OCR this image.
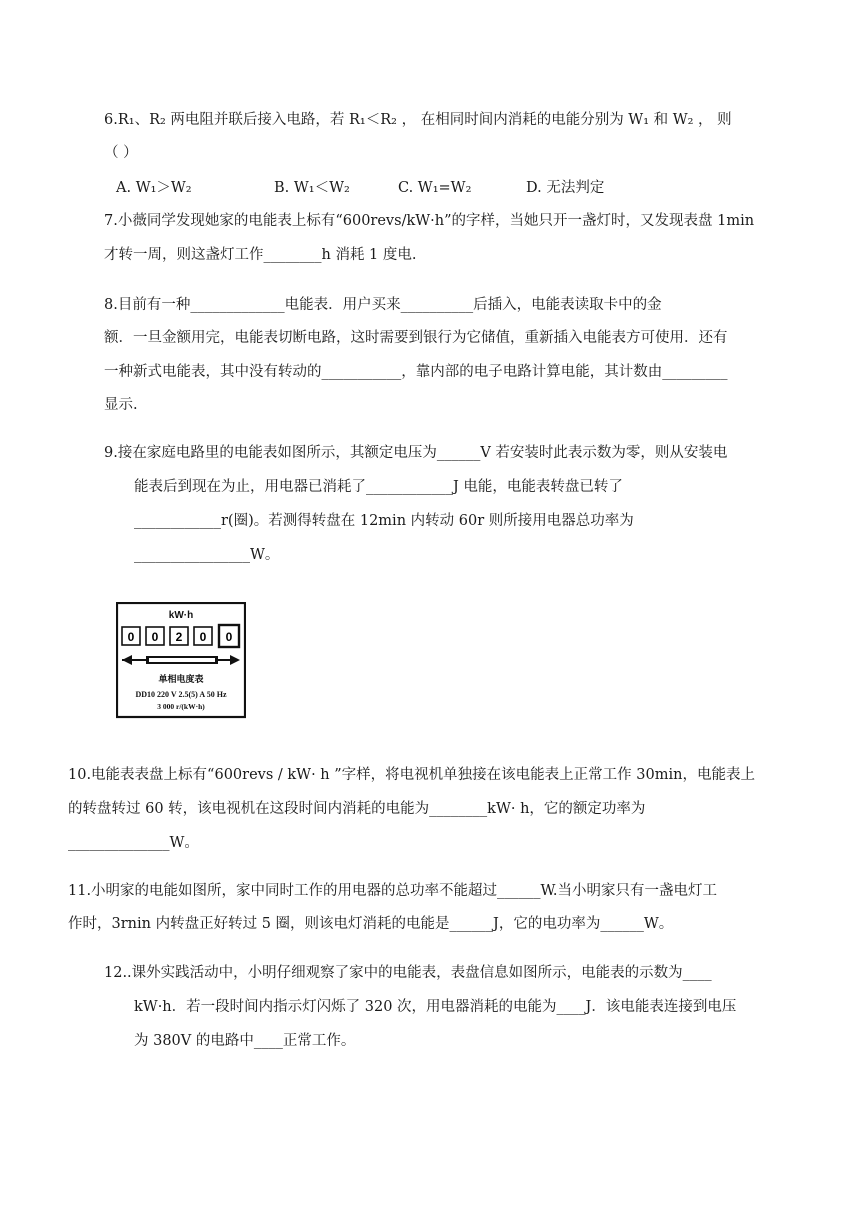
6.R₁、R₂ 两电阻并联后接入电路，若 R₁＜R₂ ， 在相同时间内消耗的电能分别为 W₁ 和 W₂ ， 则
（ ）
A. W₁＞W₂	B. W₁＜W₂	C. W₁=W₂	D. 无法判定
7.小薇同学发现她家的电能表上标有“600revs/kW·h”的字样，当她只开一盏灯时，又发现表盘 1min
才转一周，则这盏灯工作________h 消耗 1 度电.
8.目前有一种_____________电能表．用户买来__________后插入，电能表读取卡中的金
额．一旦金额用完，电能表切断电路，这时需要到银行为它储值，重新插入电能表方可使用．还有
一种新式电能表，其中没有转动的___________，靠内部的电子电路计算电能，其计数由_________
显示.
9.接在家庭电路里的电能表如图所示，其额定电压为______V 若安装时此表示数为零，则从安装电
能表后到现在为止，用电器已消耗了____________J 电能，电能表转盘已转了
____________r(圈)。若测得转盘在 12min 内转动 60r 则所接用电器总功率为
________________W。
kW·h
0 0 2 0 0
单相电度表
DD10 220 V 2.5(5) A 50 Hz
3 000 r/(kW·h)
10.电能表表盘上标有“600revs / kW· h ”字样，将电视机单独接在该电能表上正常工作 30min，电能表上
的转盘转过 60 转，该电视机在这段时间内消耗的电能为________kW· h，它的额定功率为
______________W。
11.小明家的电能如图所，家中同时工作的用电器的总功率不能超过______W.当小明家只有一盏电灯工
作时，3rnin 内转盘正好转过 5 圈，则该电灯消耗的电能是______J，它的电功率为______W。
12..课外实践活动中，小明仔细观察了家中的电能表，表盘信息如图所示，电能表的示数为____
kW·h．若一段时间内指示灯闪烁了 320 次，用电器消耗的电能为____J．该电能表连接到电压
为 380V 的电路中____正常工作。
